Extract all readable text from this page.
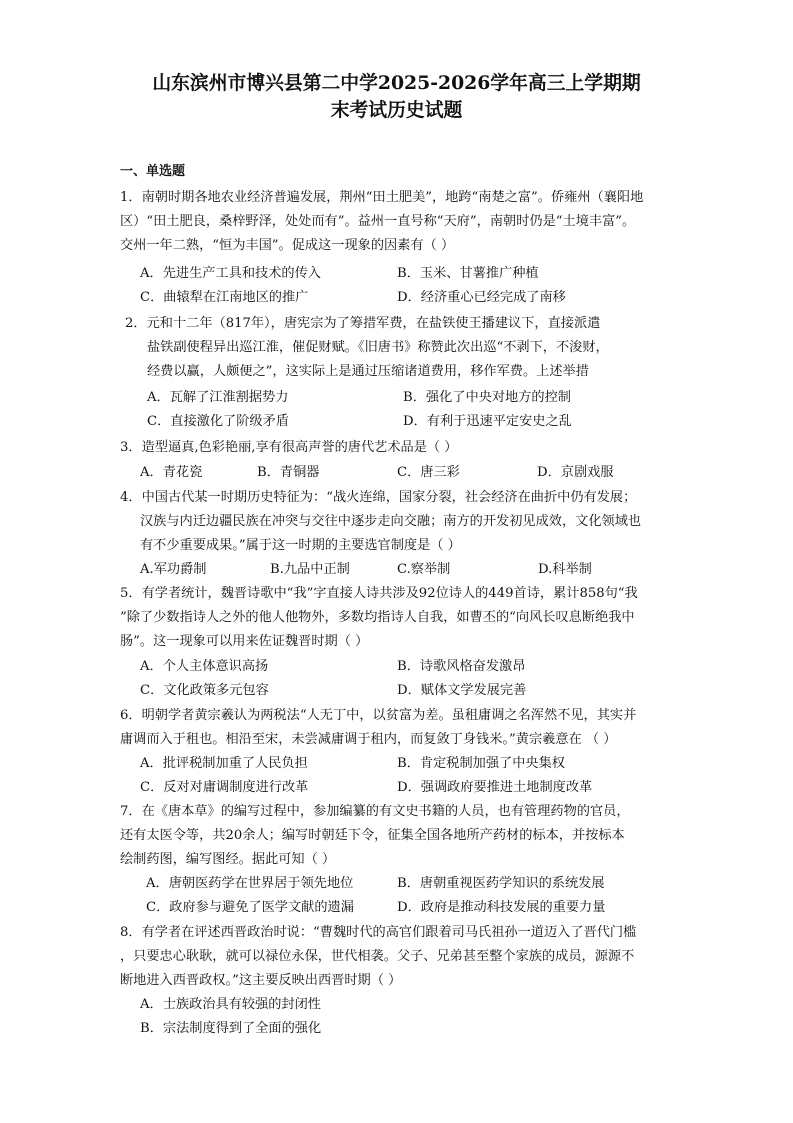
山东滨州市博兴县第二中学2025-2026学年高三上学期期
末考试历史试题
一、单选题
1．南朝时期各地农业经济普遍发展，荆州“田土肥美”，地跨“南楚之富”。侨雍州（襄阳地
区）“田土肥良，桑梓野泽，处处而有”。益州一直号称“天府”，南朝时仍是“土境丰富”。
交州一年二熟，“恒为丰国”。促成这一现象的因素有（ ）
A．先进生产工具和技术的传入	B．玉米、甘薯推广种植
C．曲辕犁在江南地区的推广	D．经济重心已经完成了南移
2．元和十二年（817年），唐宪宗为了筹措军费，在盐铁使王播建议下，直接派遣
盐铁副使程异出巡江淮，催促财赋。《旧唐书》称赞此次出巡“不剥下，不浚财，
经费以赢，人颇便之”，这实际上是通过压缩诸道费用，移作军费。上述举措
A．瓦解了江淮割据势力	B．强化了中央对地方的控制
C．直接激化了阶级矛盾	D．有利于迅速平定安史之乱
3．造型逼真,色彩艳丽,享有很高声誉的唐代艺术品是（ ）
A．青花瓷	B．青铜器	C．唐三彩	D．京剧戏服
4．中国古代某一时期历史特征为：“战火连绵，国家分裂，社会经济在曲折中仍有发展；
汉族与内迁边疆民族在冲突与交往中逐步走向交融；南方的开发初见成效，文化领域也
有不少重要成果。”属于这一时期的主要选官制度是（ ）
A.军功爵制	B.九品中正制	C.察举制	D.科举制
5．有学者统计，魏晋诗歌中“我”字直接人诗共涉及92位诗人的449首诗，累计858句“我
”除了少数指诗人之外的他人他物外，多数均指诗人自我，如曹丕的“向风长叹息断绝我中
肠”。这一现象可以用来佐证魏晋时期（ ）
A．个人主体意识高扬	B．诗歌风格奋发激昂
C．文化政策多元包容	D．赋体文学发展完善
6．明朝学者黄宗羲认为两税法“人无丁中，以贫富为差。虽租庸调之名浑然不见，其实并
庸调而入于租也。相沿至宋，未尝减庸调于租内，而复敛丁身钱米。”黄宗羲意在 （ ）
A．批评税制加重了人民负担	B．肯定税制加强了中央集权
C．反对对庸调制度进行改革	D．强调政府要推进土地制度改革
7．在《唐本草》的编写过程中，参加编纂的有文史书籍的人员，也有管理药物的官员，
还有太医令等，共20余人；编写时朝廷下令，征集全国各地所产药材的标本，并按标本
绘制药图，编写图经。据此可知（ ）
A．唐朝医药学在世界居于领先地位	B．唐朝重视医药学知识的系统发展
C．政府参与避免了医学文献的遗漏	D．政府是推动科技发展的重要力量
8．有学者在评述西晋政治时说：“曹魏时代的高官们跟着司马氏祖孙一道迈入了晋代门槛
，只要忠心耿耿，就可以禄位永保，世代相袭。父子、兄弟甚至整个家族的成员，源源不
断地进入西晋政权。”这主要反映出西晋时期（ ）
A．士族政治具有较强的封闭性
B．宗法制度得到了全面的强化
